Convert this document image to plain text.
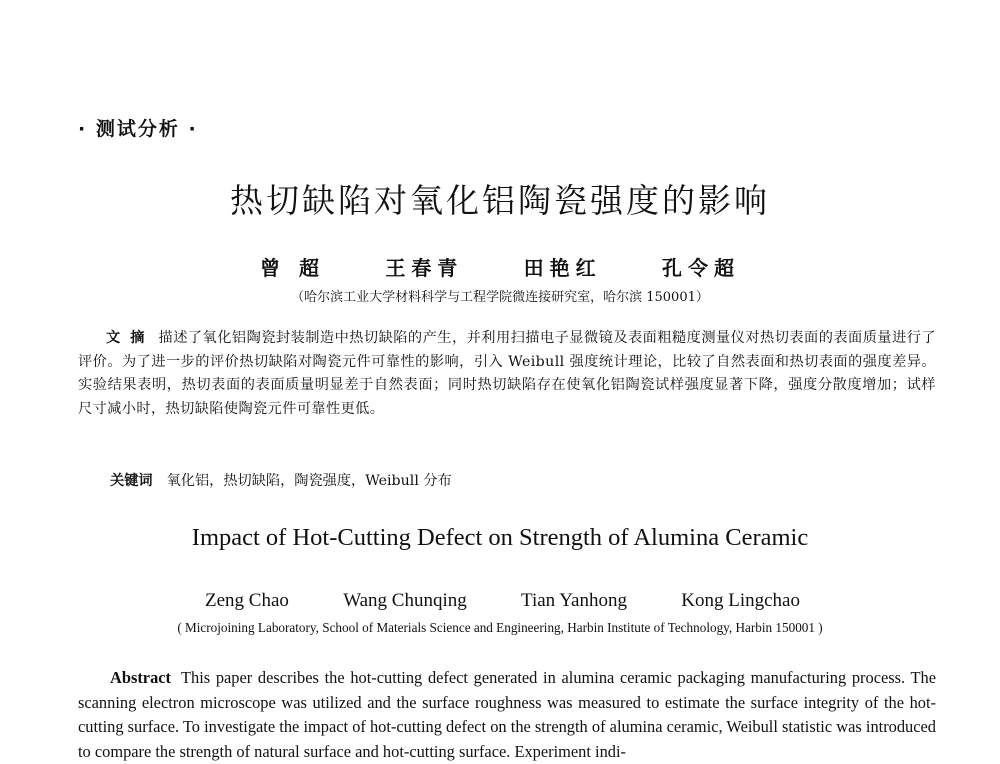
· 测试分析 ·
热切缺陷对氧化铝陶瓷强度的影响
曾 超	王春青	田艳红	孔令超
（哈尔滨工业大学材料科学与工程学院微连接研究室，哈尔滨 150001）

文摘 描述了氧化铝陶瓷封装制造中热切缺陷的产生，并利用扫描电子显微镜及表面粗糙度测量仪对热切表面的表面质量进行了评价。为了进一步的评价热切缺陷对陶瓷元件可靠性的影响，引入 Weibull 强度统计理论，比较了自然表面和热切表面的强度差异。实验结果表明，热切表面的表面质量明显差于自然表面；同时热切缺陷存在使氧化铝陶瓷试样强度显著下降，强度分散度增加；试样尺寸减小时，热切缺陷使陶瓷元件可靠性更低。

关键词 氧化铝，热切缺陷，陶瓷强度，Weibull 分布
Impact of Hot-Cutting Defect on Strength of Alumina Ceramic
Zeng Chao	Wang Chunqing	Tian Yanhong	Kong Lingchao
( Microjoining Laboratory, School of Materials Science and Engineering, Harbin Institute of Technology, Harbin 150001 )

Abstract This paper describes the hot-cutting defect generated in alumina ceramic packaging manufacturing process. The scanning electron microscope was utilized and the surface roughness was measured to estimate the surface integrity of the hot-cutting surface. To investigate the impact of hot-cutting defect on the strength of alumina ceramic, Weibull statistic was introduced to compare the strength of natural surface and hot-cutting surface. Experiment indi-
